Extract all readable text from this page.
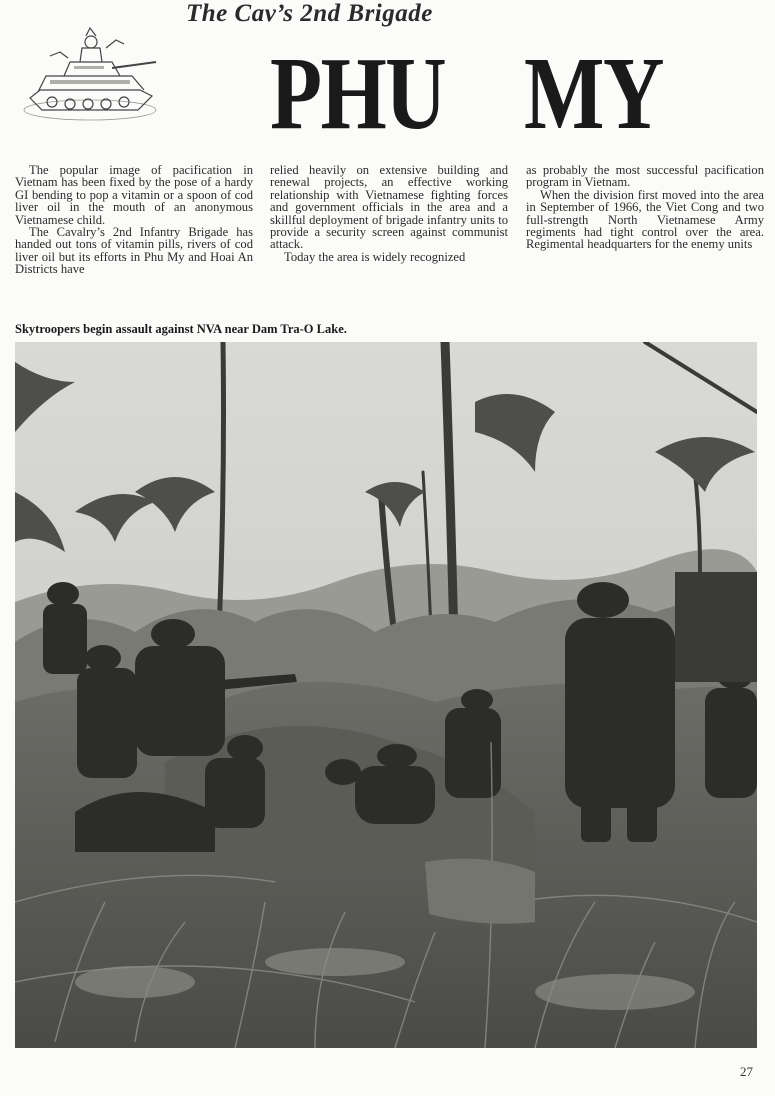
The Cav’s 2nd Brigade
PHU MY

The popular image of pacification in Vietnam has been fixed by the pose of a hardy GI bending to pop a vitamin or a spoon of cod liver oil in the mouth of an anonymous Vietnamese child.

The Cavalry’s 2nd Infantry Brigade has handed out tons of vitamin pills, rivers of cod liver oil but its efforts in Phu My and Hoai An Districts have

relied heavily on extensive building and renewal projects, an effective working relationship with Vietnamese fighting forces and government officials in the area and a skillful deployment of brigade infantry units to provide a security screen against communist attack.

Today the area is widely recognized

as probably the most successful pacification program in Vietnam.

When the division first moved into the area in September of 1966, the Viet Cong and two full-strength North Vietnamese Army regiments had tight control over the area. Regimental headquarters for the enemy units

Skytroopers begin assault against NVA near Dam Tra-O Lake.
27
